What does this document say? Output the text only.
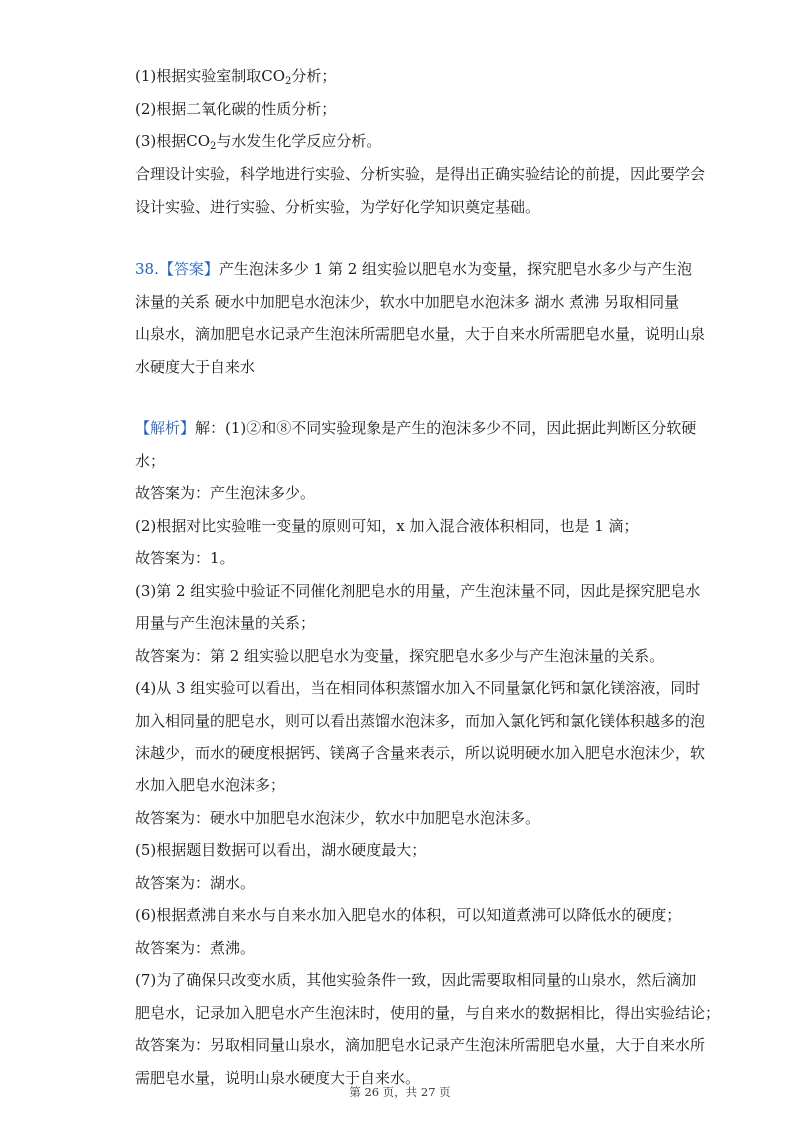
(1)根据实验室制取$CO_2$分析；
(2)根据二氧化碳的性质分析；
(3)根据$CO_2$与水发生化学反应分析。
合理设计实验，科学地进行实验、分析实验，是得出正确实验结论的前提，因此要学会
设计实验、进行实验、分析实验，为学好化学知识奠定基础。
38.【答案】产生泡沫多少 1 第 2 组实验以肥皂水为变量，探究肥皂水多少与产生泡
沫量的关系 硬水中加肥皂水泡沫少，软水中加肥皂水泡沫多 湖水 煮沸 另取相同量
山泉水，滴加肥皂水记录产生泡沫所需肥皂水量，大于自来水所需肥皂水量，说明山泉
水硬度大于自来水
【解析】解：(1)②和⑧不同实验现象是产生的泡沫多少不同，因此据此判断区分软硬
水；
故答案为：产生泡沫多少。
(2)根据对比实验唯一变量的原则可知，x 加入混合液体积相同，也是 1 滴；
故答案为：1。
(3)第 2 组实验中验证不同催化剂肥皂水的用量，产生泡沫量不同，因此是探究肥皂水
用量与产生泡沫量的关系；
故答案为：第 2 组实验以肥皂水为变量，探究肥皂水多少与产生泡沫量的关系。
(4)从 3 组实验可以看出，当在相同体积蒸馏水加入不同量氯化钙和氯化镁溶液，同时
加入相同量的肥皂水，则可以看出蒸馏水泡沫多，而加入氯化钙和氯化镁体积越多的泡
沫越少，而水的硬度根据钙、镁离子含量来表示，所以说明硬水加入肥皂水泡沫少，软
水加入肥皂水泡沫多；
故答案为：硬水中加肥皂水泡沫少，软水中加肥皂水泡沫多。
(5)根据题目数据可以看出，湖水硬度最大；
故答案为：湖水。
(6)根据煮沸自来水与自来水加入肥皂水的体积，可以知道煮沸可以降低水的硬度；
故答案为：煮沸。
(7)为了确保只改变水质，其他实验条件一致，因此需要取相同量的山泉水，然后滴加
肥皂水，记录加入肥皂水产生泡沫时，使用的量，与自来水的数据相比，得出实验结论；
故答案为：另取相同量山泉水，滴加肥皂水记录产生泡沫所需肥皂水量，大于自来水所
需肥皂水量，说明山泉水硬度大于自来水。
第 26 页，共 27 页
